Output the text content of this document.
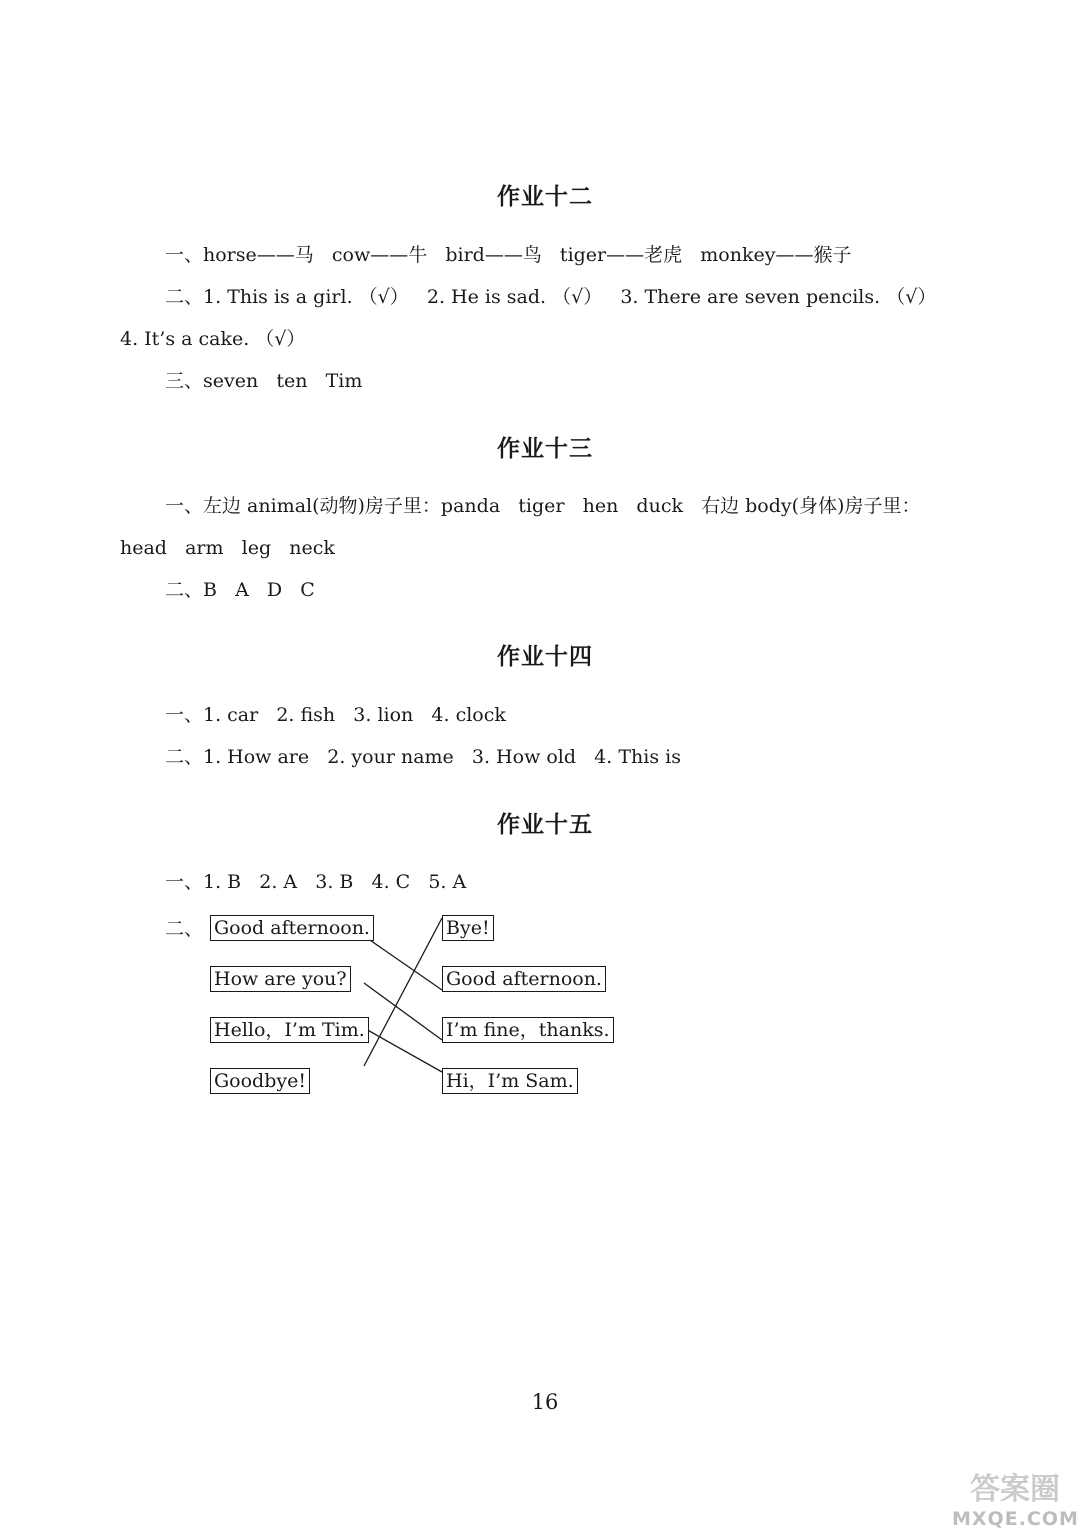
作业十二
一、horse——马   cow——牛   bird——鸟   tiger——老虎   monkey——猴子
二、1. This is a girl. （√）   2. He is sad. （√）   3. There are seven pencils. （√）
4. It’s a cake. （√）
三、seven   ten   Tim
作业十三
一、左边 animal(动物)房子里：panda   tiger   hen   duck   右边 body(身体)房子里：
head   arm   leg   neck
二、B   A   D   C
作业十四
一、1. car   2. fish   3. lion   4. clock
二、1. How are   2. your name   3. How old   4. This is
作业十五
一、1. B   2. A   3. B   4. C   5. A
二、 Good afternoon.
How are you?
Hello，I’m Tim.
Goodbye!
Bye!
Good afternoon.
I’m fine，thanks.
Hi，I’m Sam.
16
答案圈
MXQE.COM
